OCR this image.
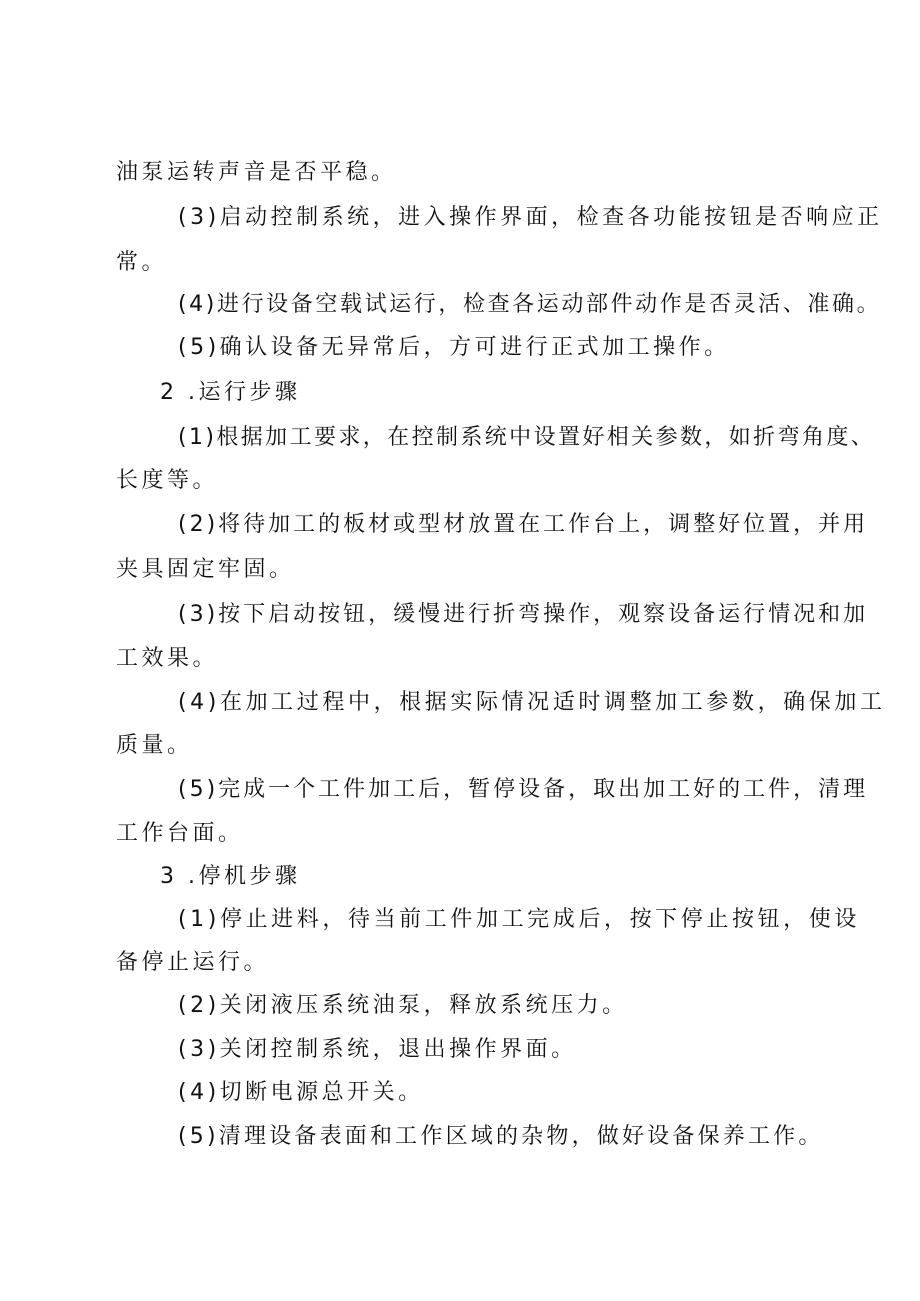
油泵运转声音是否平稳。
(3)启动控制系统，进入操作界面，检查各功能按钮是否响应正
常。
(4)进行设备空载试运行，检查各运动部件动作是否灵活、准确。
(5)确认设备无异常后，方可进行正式加工操作。
2 .运行步骤
(1)根据加工要求，在控制系统中设置好相关参数，如折弯角度、
长度等。
(2)将待加工的板材或型材放置在工作台上，调整好位置，并用
夹具固定牢固。
(3)按下启动按钮，缓慢进行折弯操作，观察设备运行情况和加
工效果。
(4)在加工过程中，根据实际情况适时调整加工参数，确保加工
质量。
(5)完成一个工件加工后，暂停设备，取出加工好的工件，清理
工作台面。
3 .停机步骤
(1)停止进料，待当前工件加工完成后，按下停止按钮，使设
备停止运行。
(2)关闭液压系统油泵，释放系统压力。
(3)关闭控制系统，退出操作界面。
(4)切断电源总开关。
(5)清理设备表面和工作区域的杂物，做好设备保养工作。
